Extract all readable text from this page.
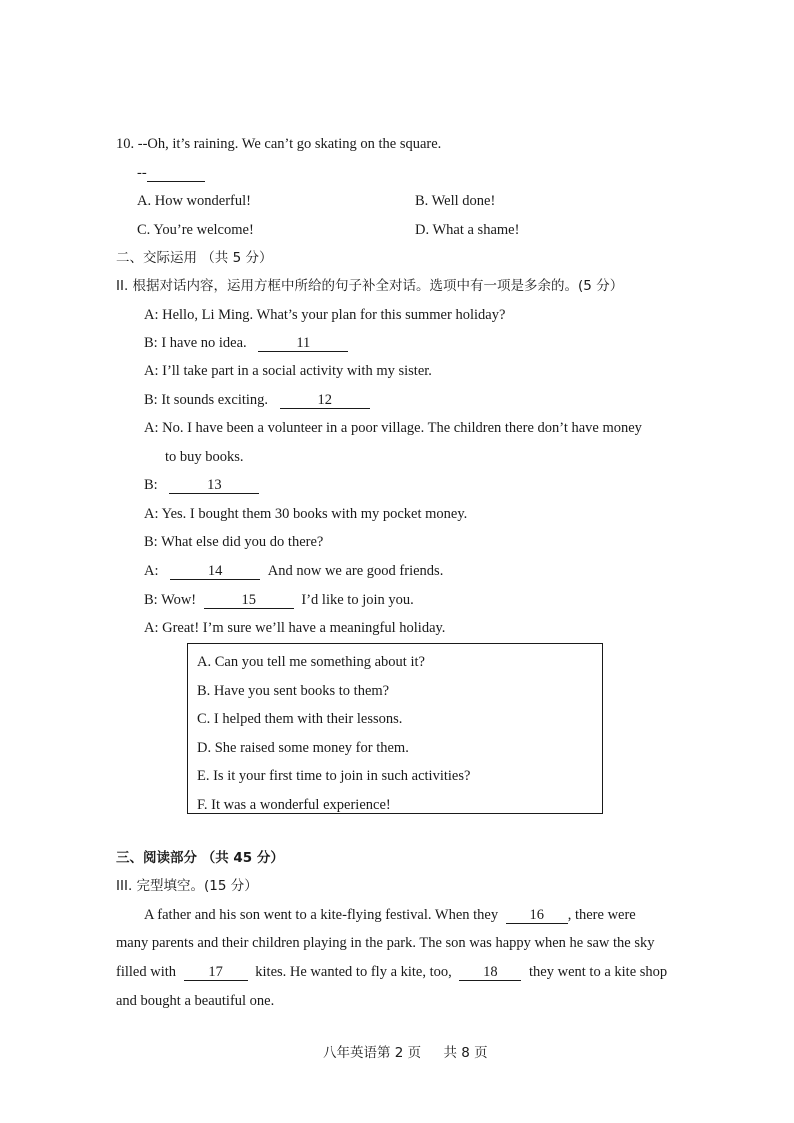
10. --Oh, it’s raining. We can’t go skating on the square.
--
A. How wonderful!	B. Well done!
C. You’re welcome!	D. What a shame!
二、交际运用 （共 5 分）
II. 根据对话内容，运用方框中所给的句子补全对话。选项中有一项是多余的。(5 分）
A: Hello, Li Ming. What’s your plan for this summer holiday?
B: I have no idea.	11
A: I’ll take part in a social activity with my sister.
B: It sounds exciting.	12
A: No. I have been a volunteer in a poor village. The children there don’t have money
to buy books.
B:	13
A: Yes. I bought them 30 books with my pocket money.
B: What else did you do there?
A:	14	And now we are good friends.
B: Wow!	15	I’d like to join you.
A: Great! I’m sure we’ll have a meaningful holiday.
A. Can you tell me something about it?
B. Have you sent books to them?
C. I helped them with their lessons.
D. She raised some money for them.
E. Is it your first time to join in such activities?
F. It was a wonderful experience!
三、阅读部分 （共 45 分）
III. 完型填空。(15 分）
A father and his son went to a kite-flying festival. When they 16 , there were
many parents and their children playing in the park. The son was happy when he saw the sky
filled with 17 kites. He wanted to fly a kite, too, 18 they went to a kite shop
and bought a beautiful one.
八年英语第 2 页 共 8 页
